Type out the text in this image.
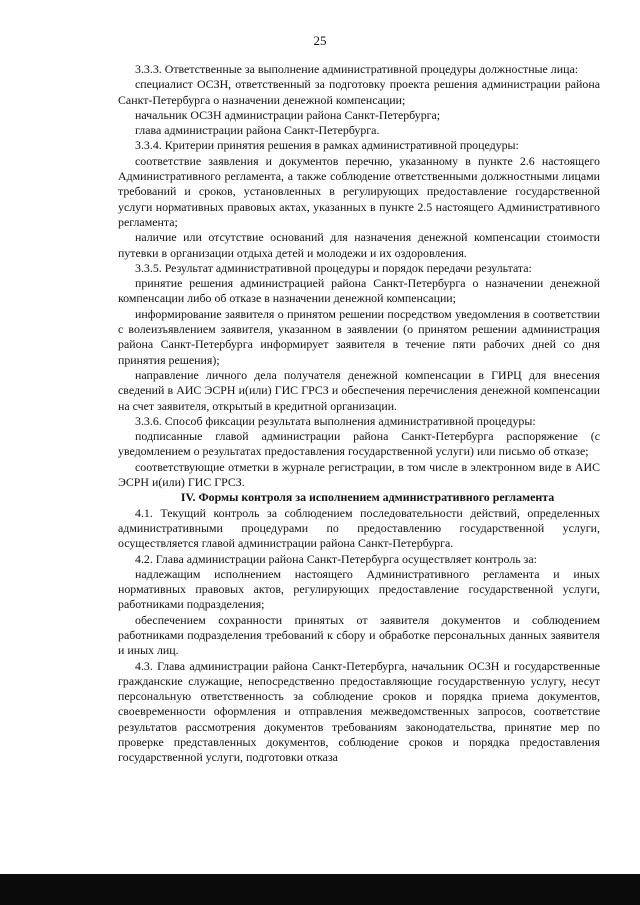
25

3.3.3. Ответственные за выполнение административной процедуры должностные лица:

специалист ОСЗН, ответственный за подготовку проекта решения администрации района Санкт-Петербурга о назначении денежной компенсации;

начальник ОСЗН администрации района Санкт-Петербурга;

глава администрации района Санкт-Петербурга.

3.3.4. Критерии принятия решения в рамках административной процедуры:

соответствие заявления и документов перечню, указанному в пункте 2.6 настоящего Административного регламента, а также соблюдение ответственными должностными лицами требований и сроков, установленных в регулирующих предоставление государственной услуги нормативных правовых актах, указанных в пункте 2.5 настоящего Административного регламента;

наличие или отсутствие оснований для назначения денежной компенсации стоимости путевки в организации отдыха детей и молодежи и их оздоровления.

3.3.5. Результат административной процедуры и порядок передачи результата:

принятие решения администрацией района Санкт-Петербурга о назначении денежной компенсации либо об отказе в назначении денежной компенсации;

информирование заявителя о принятом решении посредством уведомления в соответствии с волеизъявлением заявителя, указанном в заявлении (о принятом решении администрация района Санкт-Петербурга информирует заявителя в течение пяти рабочих дней со дня принятия решения);

направление личного дела получателя денежной компенсации в ГИРЦ для внесения сведений в АИС ЭСРН и(или) ГИС ГРСЗ и обеспечения перечисления денежной компенсации на счет заявителя, открытый в кредитной организации.

3.3.6. Способ фиксации результата выполнения административной процедуры:

подписанные главой администрации района Санкт-Петербурга распоряжение (с уведомлением о результатах предоставления государственной услуги) или письмо об отказе;

соответствующие отметки в журнале регистрации, в том числе в электронном виде в АИС ЭСРН и(или) ГИС ГРСЗ.

IV. Формы контроля за исполнением административного регламента

4.1. Текущий контроль за соблюдением последовательности действий, определенных административными процедурами по предоставлению государственной услуги, осуществляется главой администрации района Санкт-Петербурга.

4.2. Глава администрации района Санкт-Петербурга осуществляет контроль за:

надлежащим исполнением настоящего Административного регламента и иных нормативных правовых актов, регулирующих предоставление государственной услуги, работниками подразделения;

обеспечением сохранности принятых от заявителя документов и соблюдением работниками подразделения требований к сбору и обработке персональных данных заявителя и иных лиц.

4.3. Глава администрации района Санкт-Петербурга, начальник ОСЗН и государственные гражданские служащие, непосредственно предоставляющие государственную услугу, несут персональную ответственность за соблюдение сроков и порядка приема документов, своевременности оформления и отправления межведомственных запросов, соответствие результатов рассмотрения документов требованиям законодательства, принятие мер по проверке представленных документов, соблюдение сроков и порядка предоставления государственной услуги, подготовки отказа
